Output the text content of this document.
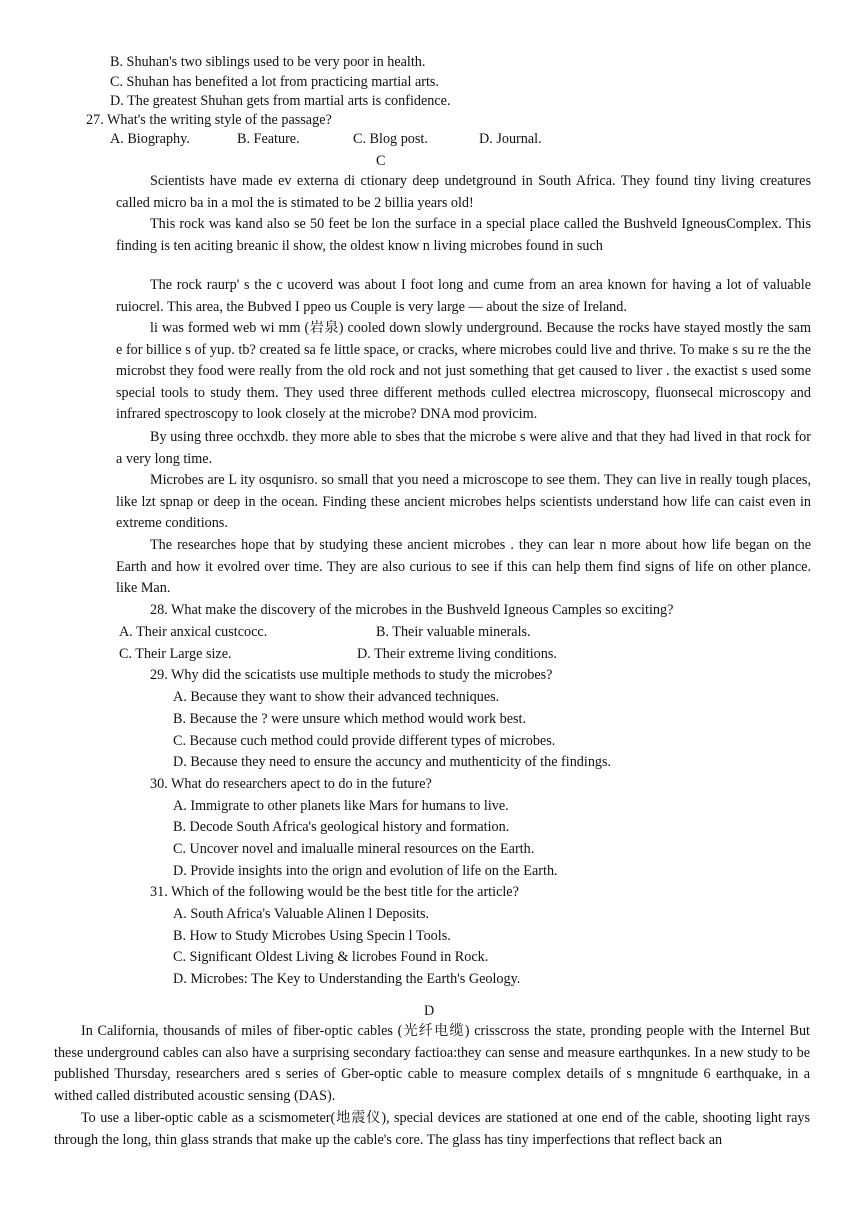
B. Shuhan's two siblings used to be very poor in health.
C. Shuhan has benefited a lot from practicing martial arts.
D. The greatest Shuhan gets from martial arts is confidence.
27. What's the writing style of the passage?

A. Biography.

	B. Feature.

	C. Blog post.

	D. Journal.

C
Scientists have made ev externa di ctionary deep undetground in South Africa. They found tiny living creatures called micro ba in a mol the is stimated to be 2 billia years old!
This rock was kand also se 50 feet be lon the surface in a special place called the Bushveld IgneousComplex. This finding is ten aciting breanic il show, the oldest know n living microbes found in such
The rock raurp' s the c ucoverd was about I foot long and cume from an area known for having a lot of valuable ruiocrel. This area, the Bubved I ppeo us Couple is very large — about the size of Ireland.
li was formed web wi mm (岩泉) cooled down slowly underground. Because the rocks have stayed mostly the sam e for billice s of yup. tb? created sa fe little space, or cracks, where microbes could live and thrive. To make s su re the the microbst they food were really from the old rock and not just something that get caused to liver . the exactist s used some special tools to study them. They used three different methods culled electrea microscopy, fluonsecal microscopy and infrared spectroscopy to look closely at the microbe? DNA mod provicim.
By using three occhxdb. they more able to sbes that the microbe s were alive and that they had lived in that rock for a very long time.
Microbes are L ity osqunisro. so small that you need a microscope to see them. They can live in really tough places, like lzt spnap or deep in the ocean. Finding these ancient microbes helps scientists understand how life can caist even in extreme conditions.
The researches hope that by studying these ancient microbes . they can lear n more about how life began on the Earth and how it evolred over time. They are also curious to see if this can help them find signs of life on other plance. like Man.
28. What make the discovery of the microbes in the Bushveld Igneous Camples so exciting?

A. Their anxical custcocc.

	B. Their valuable minerals.

C. Their Large size.

	D. Their extreme living conditions.

29. Why did the scicatists use multiple methods to study the microbes?
A. Because they want to show their advanced techniques.
B. Because the ? were unsure which method would work best.
C. Because cuch method could provide different types of microbes.
D. Because they need to ensure the accuncy and muthenticity of the findings.
30. What do researchers apect to do in the future?
A. Immigrate to other planets like Mars for humans to live.
B. Decode South Africa's geological history and formation.
C. Uncover novel and imalualle mineral resources on the Earth.
D. Provide insights into the orign and evolution of life on the Earth.
31. Which of the following would be the best title for the article?
A. South Africa's Valuable Alinen l Deposits.
B. How to Study Microbes Using Specin l Tools.
C. Significant Oldest Living & licrobes Found in Rock.
D. Microbes: The Key to Understanding the Earth's Geology.
D
In California, thousands of miles of fiber-optic cables (光纤电缆) crisscross the state, pronding people with the Internel But these underground cables can also have a surprising secondary factioa:they can sense and measure earthqunkes. In a new study to be published Thursday, researchers ared s series of Gber-optic cable to measure complex details of s mngnitude 6 earthquake, in a withed called distributed acoustic sensing (DAS).
To use a liber-optic cable as a scismometer(地震仪), special devices are stationed at one end of the cable, shooting light rays through the long, thin glass strands that make up the cable's core. The glass has tiny imperfections that reflect back an
